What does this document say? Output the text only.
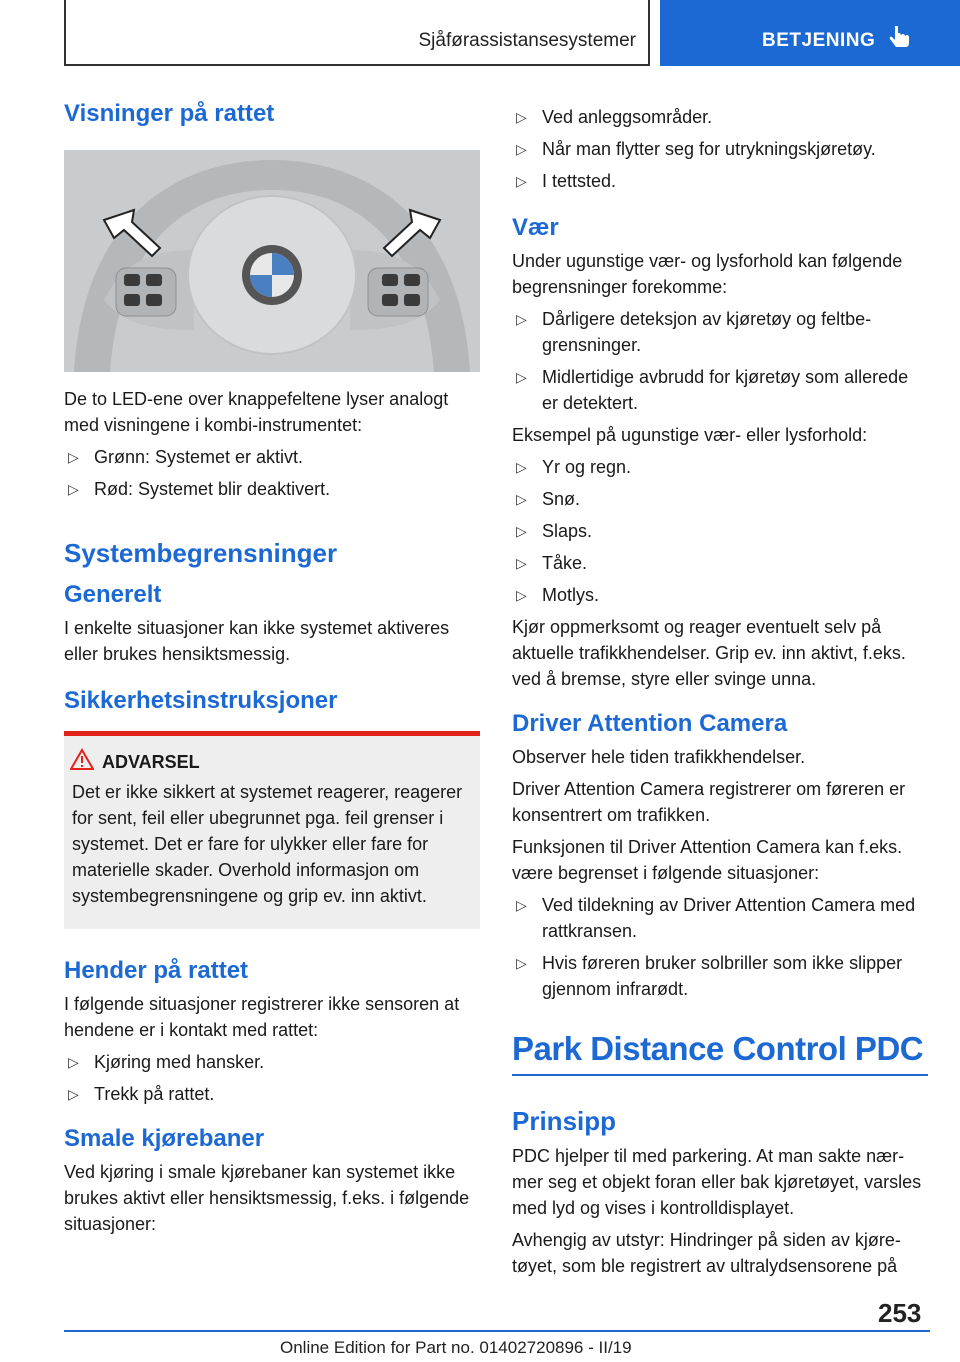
Sjåførassistansesystemer	BETJENING
Visninger på rattet

De to LED-ene over knappefeltene lyser analogt med visningene i kombi-instrumentet:

▷ Grønn: Systemet er aktivt.
▷ Rød: Systemet blir deaktivert.
Systembegrensninger
Generelt

I enkelte situasjoner kan ikke systemet aktiveres eller brukes hensiktsmessig.

Sikkerhetsinstruksjoner
ADVARSEL

Det er ikke sikkert at systemet reagerer, reagerer for sent, feil eller ubegrunnet pga. feil grenser i systemet. Det er fare for ulykker eller fare for materielle skader. Overhold informasjon om systembegrensningene og grip ev. inn aktivt.

Hender på rattet

I følgende situasjoner registrerer ikke sensoren at hendene er i kontakt med rattet:

▷ Kjøring med hansker.
▷ Trekk på rattet.
Smale kjørebaner

Ved kjøring i smale kjørebaner kan systemet ikke brukes aktivt eller hensiktsmessig, f.eks. i følgende situasjoner:

▷ Ved anleggsområder.
▷ Når man flytter seg for utrykningskjøretøy.
▷ I tettsted.
Vær

Under ugunstige vær- og lysforhold kan følgende begrensninger forekomme:

▷ Dårligere deteksjon av kjøretøy og feltbegrensninger.
▷ Midlertidige avbrudd for kjøretøy som allerede er detektert.

Eksempel på ugunstige vær- eller lysforhold:

▷ Yr og regn.
▷ Snø.
▷ Slaps.
▷ Tåke.
▷ Motlys.

Kjør oppmerksomt og reager eventuelt selv på aktuelle trafikkhendelser. Grip ev. inn aktivt, f.eks. ved å bremse, styre eller svinge unna.

Driver Attention Camera

Observer hele tiden trafikkhendelser.

Driver Attention Camera registrerer om føreren er konsentrert om trafikken.

Funksjonen til Driver Attention Camera kan f.eks. være begrenset i følgende situasjoner:

▷ Ved tildekning av Driver Attention Camera med rattkransen.
▷ Hvis føreren bruker solbriller som ikke slipper gjennom infrarødt.
Park Distance Control PDC
Prinsipp

PDC hjelper til med parkering. At man sakte nærmer seg et objekt foran eller bak kjøretøyet, varsles med lyd og vises i kontrolldisplayet.

Avhengig av utstyr: Hindringer på siden av kjøretøyet, som ble registrert av ultralydsensorene på

253
Online Edition for Part no. 01402720896 - II/19
